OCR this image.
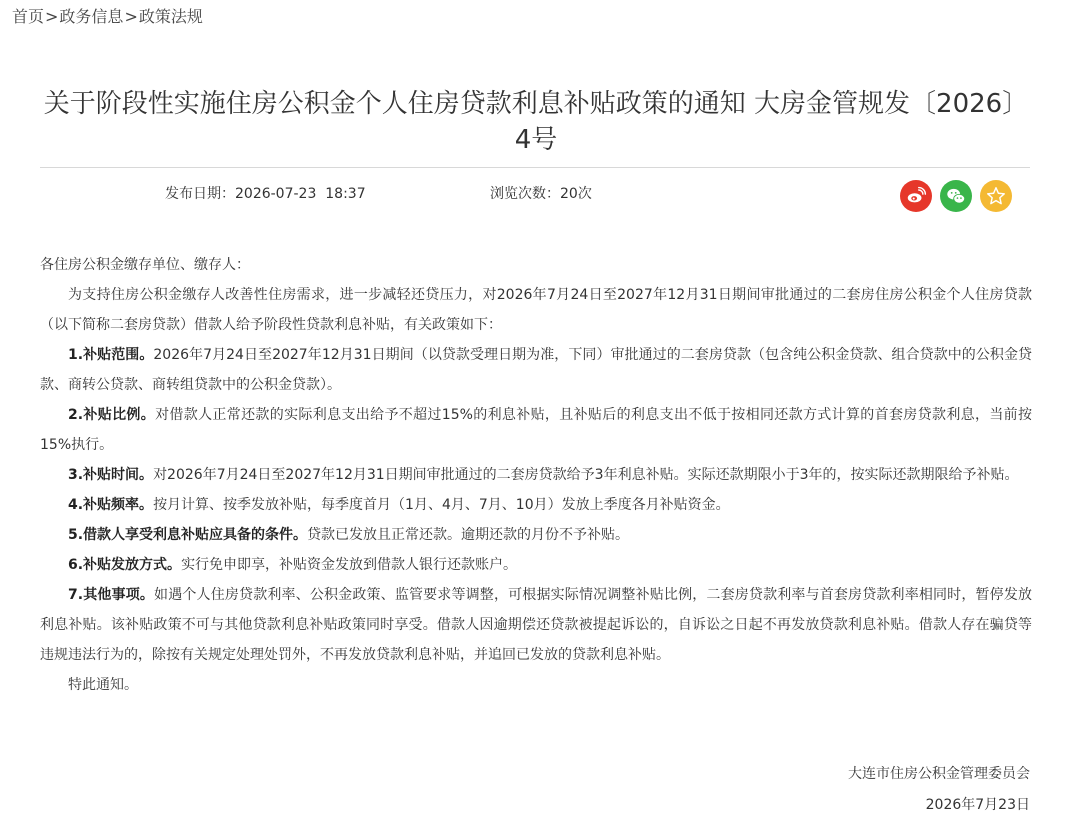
首页>政务信息>政策法规
关于阶段性实施住房公积金个人住房贷款利息补贴政策的通知 大房金管规发〔2026〕4号
发布日期：2026-07-23  18:37	浏览次数：20次

各住房公积金缴存单位、缴存人：

为支持住房公积金缴存人改善性住房需求，进一步减轻还贷压力，对2026年7月24日至2027年12月31日期间审批通过的二套房住房公积金个人住房贷款（以下简称二套房贷款）借款人给予阶段性贷款利息补贴，有关政策如下：

1.补贴范围。2026年7月24日至2027年12月31日期间（以贷款受理日期为准，下同）审批通过的二套房贷款（包含纯公积金贷款、组合贷款中的公积金贷款、商转公贷款、商转组贷款中的公积金贷款）。

2.补贴比例。对借款人正常还款的实际利息支出给予不超过15%的利息补贴，且补贴后的利息支出不低于按相同还款方式计算的首套房贷款利息，当前按15%执行。

3.补贴时间。对2026年7月24日至2027年12月31日期间审批通过的二套房贷款给予3年利息补贴。实际还款期限小于3年的，按实际还款期限给予补贴。

4.补贴频率。按月计算、按季发放补贴，每季度首月（1月、4月、7月、10月）发放上季度各月补贴资金。

5.借款人享受利息补贴应具备的条件。贷款已发放且正常还款。逾期还款的月份不予补贴。

6.补贴发放方式。实行免申即享，补贴资金发放到借款人银行还款账户。

7.其他事项。如遇个人住房贷款利率、公积金政策、监管要求等调整，可根据实际情况调整补贴比例，二套房贷款利率与首套房贷款利率相同时，暂停发放利息补贴。该补贴政策不可与其他贷款利息补贴政策同时享受。借款人因逾期偿还贷款被提起诉讼的，自诉讼之日起不再发放贷款利息补贴。借款人存在骗贷等违规违法行为的，除按有关规定处理处罚外，不再发放贷款利息补贴，并追回已发放的贷款利息补贴。

特此通知。

大连市住房公积金管理委员会
2026年7月23日
